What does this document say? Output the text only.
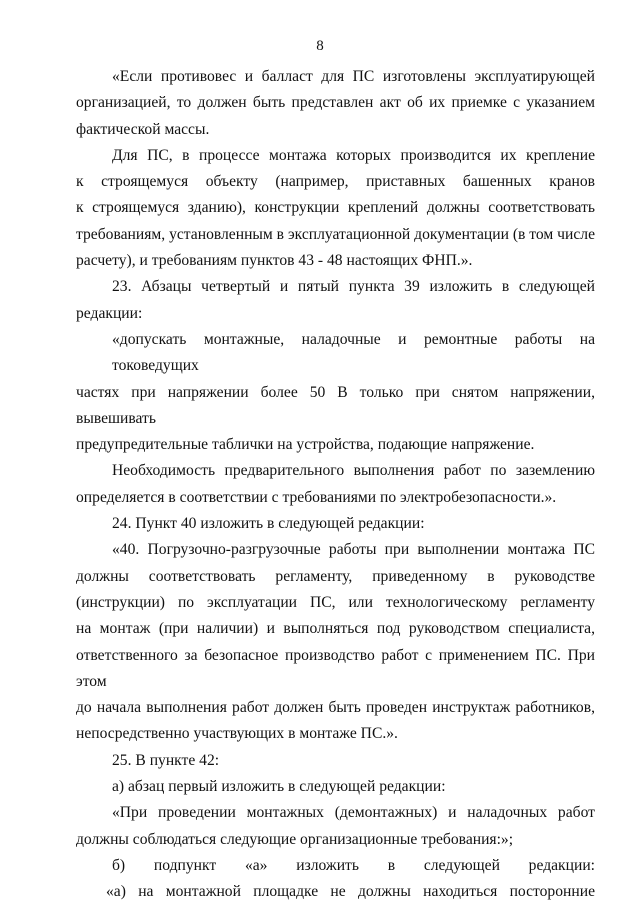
8
«Если противовес и балласт для ПС изготовлены эксплуатирующей
организацией, то должен быть представлен акт об их приемке с указанием
фактической массы.
Для ПС, в процессе монтажа которых производится их крепление
к строящемуся объекту (например, приставных башенных кранов
к строящемуся зданию), конструкции креплений должны соответствовать
требованиям, установленным в эксплуатационной документации (в том числе
расчету), и требованиям пунктов 43 - 48 настоящих ФНП.».
23. Абзацы четвертый и пятый пункта 39 изложить в следующей
редакции:
«допускать монтажные, наладочные и ремонтные работы на токоведущих
частях при напряжении более 50 В только при снятом напряжении, вывешивать
предупредительные таблички на устройства, подающие напряжение.
Необходимость предварительного выполнения работ по заземлению
определяется в соответствии с требованиями по электробезопасности.».
24. Пункт 40 изложить в следующей редакции:
«40. Погрузочно-разгрузочные работы при выполнении монтажа ПС
должны соответствовать регламенту, приведенному в руководстве
(инструкции) по эксплуатации ПС, или технологическому регламенту
на монтаж (при наличии) и выполняться под руководством специалиста,
ответственного за безопасное производство работ с применением ПС. При этом
до начала выполнения работ должен быть проведен инструктаж работников,
непосредственно участвующих в монтаже ПС.».
25. В пункте 42:
а) абзац первый изложить в следующей редакции:
«При проведении монтажных (демонтажных) и наладочных работ
должны соблюдаться следующие организационные требования:»;
б) подпункт «а» изложить в следующей редакции:
«а) на монтажной площадке не должны находиться посторонние
